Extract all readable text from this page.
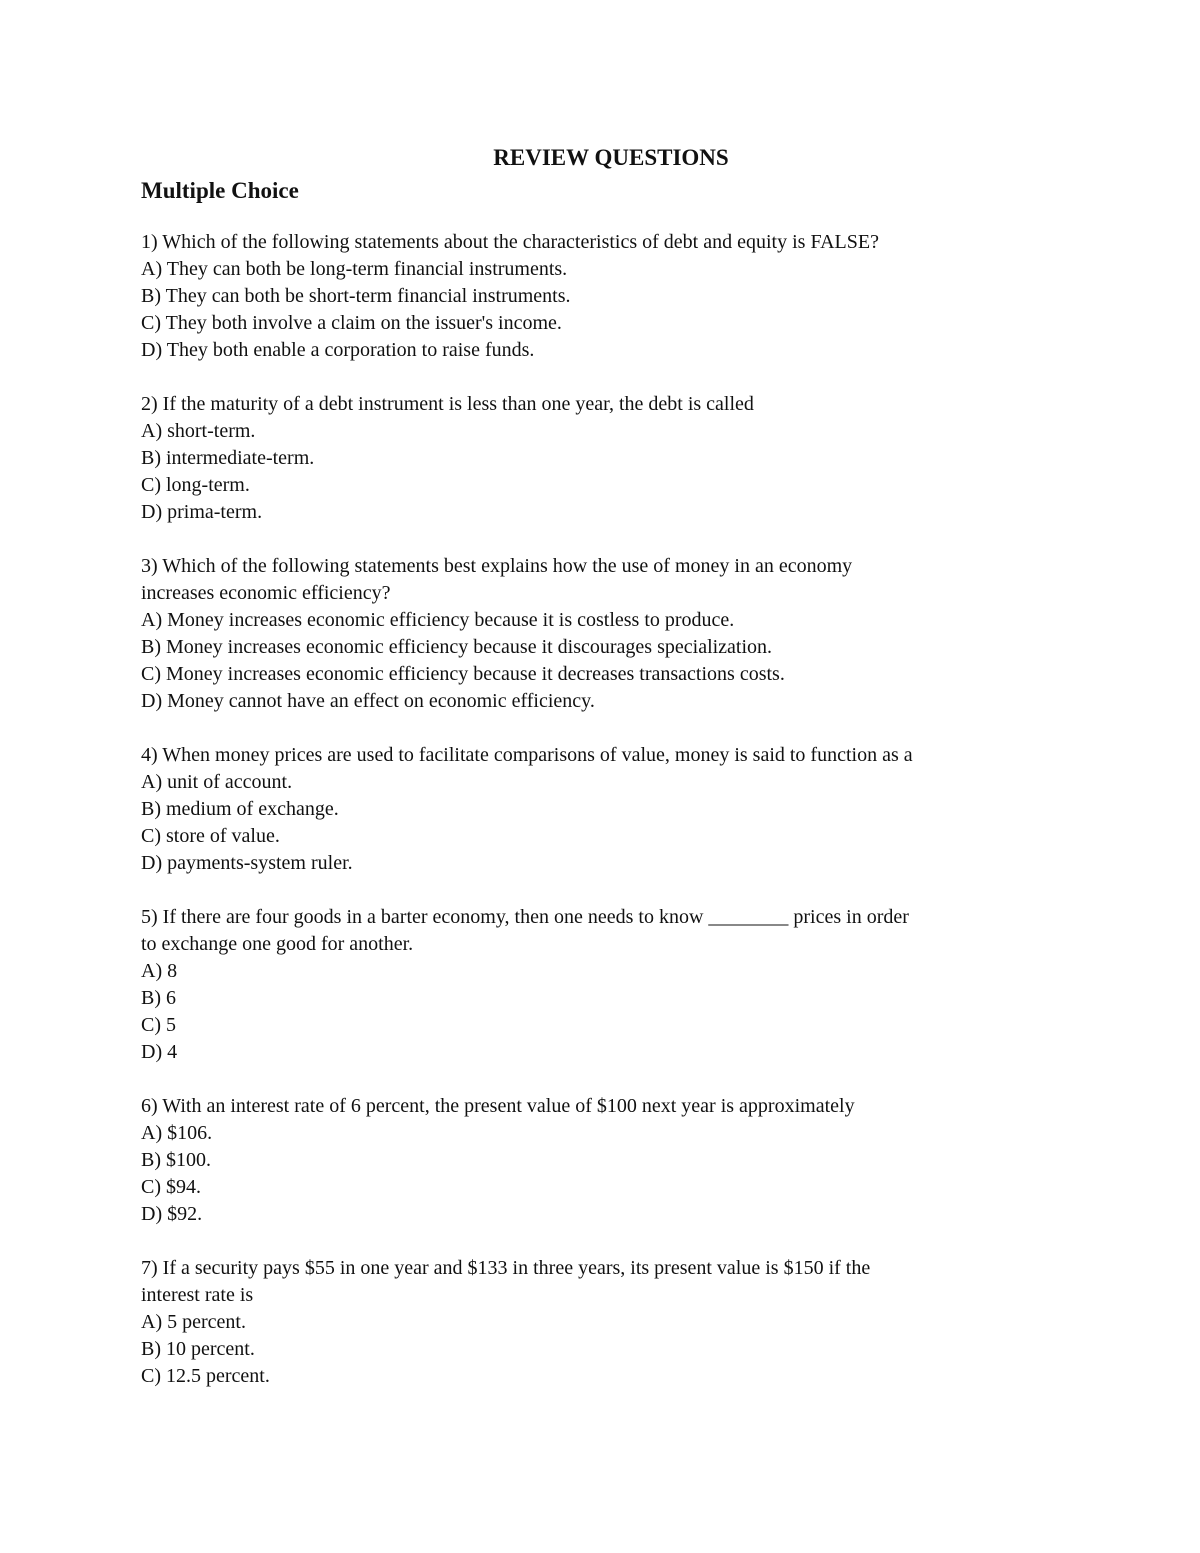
REVIEW QUESTIONS
Multiple Choice

1) Which of the following statements about the characteristics of debt and equity is FALSE?

A) They can both be long-term financial instruments.

B) They can both be short-term financial instruments.

C) They both involve a claim on the issuer's income.

D) They both enable a corporation to raise funds.

2) If the maturity of a debt instrument is less than one year, the debt is called

A) short-term.

B) intermediate-term.

C) long-term.

D) prima-term.

3) Which of the following statements best explains how the use of money in an economy
increases economic efficiency?

A) Money increases economic efficiency because it is costless to produce.

B) Money increases economic efficiency because it discourages specialization.

C) Money increases economic efficiency because it decreases transactions costs.

D) Money cannot have an effect on economic efficiency.

4) When money prices are used to facilitate comparisons of value, money is said to function as a

A) unit of account.

B) medium of exchange.

C) store of value.

D) payments-system ruler.

5) If there are four goods in a barter economy, then one needs to know ________ prices in order
to exchange one good for another.

A) 8

B) 6

C) 5

D) 4

6) With an interest rate of 6 percent, the present value of $100 next year is approximately

A) $106.

B) $100.

C) $94.

D) $92.

7) If a security pays $55 in one year and $133 in three years, its present value is $150 if the
interest rate is

A) 5 percent.

B) 10 percent.

C) 12.5 percent.
